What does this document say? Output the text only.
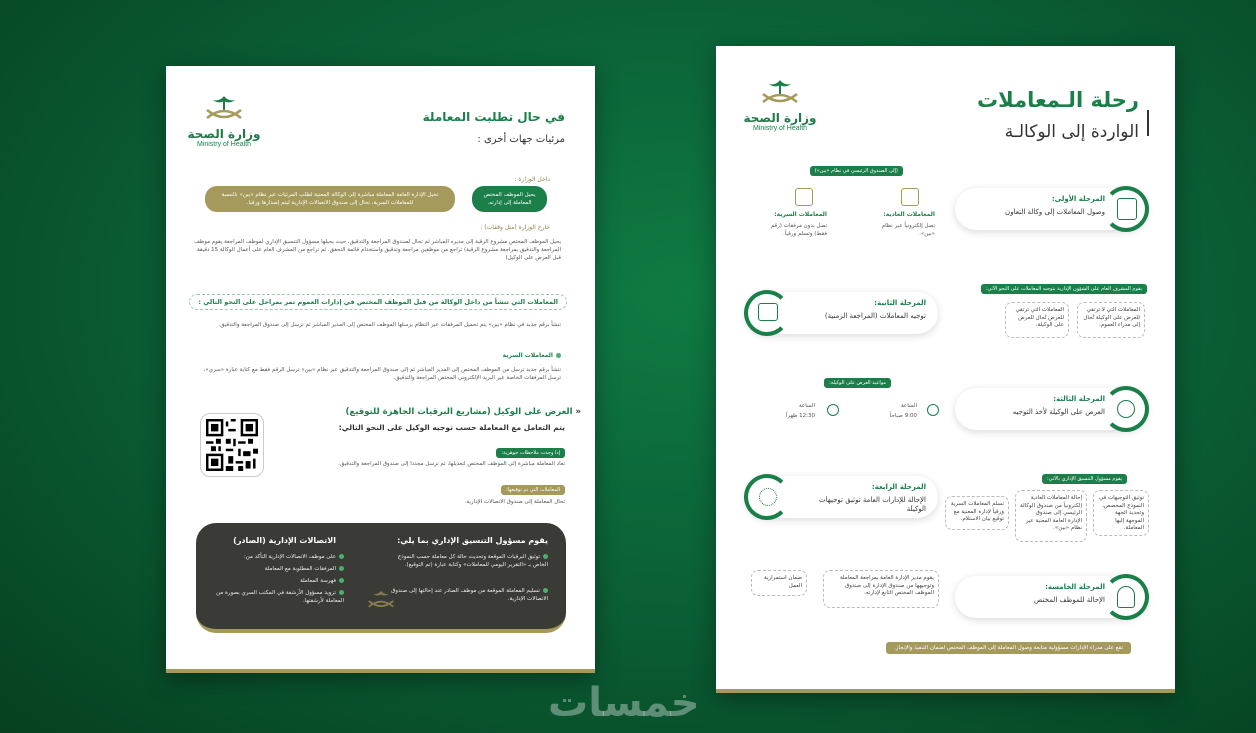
وزارة الصحة
Ministry of Health
في حال تطلبت المعاملة
مرئيات جهات أخرى :
داخل الوزارة :
يحيل الموظف المختص المعاملة إلى إدارته.
تحيل الإدارة العامة المعاملة مباشرة إلى الوكالة المعنية لطلب المرئيات عبر نظام «بين» بالنسبة للمعاملات السرية، تحال إلى صندوق الاتصالات الإدارية ليتم إصدارها ورقيا.
خارج الوزارة (مثل وقفات) :
يحيل الموظف المختص مشروع الرقية إلى مديره المباشر ثم تحال لصندوق المراجعة والتدقيق، حيث يحيلها مسؤول التنسيق الإداري لموظف المراجعة يقوم موظف المراجعة والتدقيق بمراجعة مشروع الرقية) تراجع من موظفين مراجعة وتدقيق واستخدام قائمة التحقق. ثم تراجع من المشرف العام على أعمال الوكالة 15 دقيقة قبل العرض على الوكيل)
المعاملات التي تنشأ من داخل الوكالة من قبل الموظف المختص في إدارات العموم تمر بمراحل على النحو التالي :
تنشأ برقم جديد في نظام «بين» يتم تحميل المرفقات عبر النظام يرسلها الموظف المختص إلى المدير المباشر ثم ترسل إلى صندوق المراجعة والتدقيق.
المعاملات السرية
تنشأ برقم جديد ترسل من الموظف المختص إلى المدير المباشر ثم إلى صندوق المراجعة والتدقيق عبر نظام «بين» ترسل الرقم فقط مع كتابة عبارة «سري»، ترسل المرفقات الخاصة عبر البريد الإلكتروني المختص المراجعة والتدقيق.
« العرض على الوكيل (مشاريع البرقيات الجاهزة للتوقيع)
يتم التعامل مع المعاملة حسب توجيه الوكيل على النحو التالي:
إذا وجدت ملاحظات جوهرية:
تعاد المعاملة مباشرة إلى الموظف المختص لتعديلها، ثم ترسل مجددا إلى صندوق المراجعة والتدقيق.
المعاملات التي تم توقيعها:
تحال المعاملة إلى صندوق الاتصالات الإدارية.
يقوم مسؤول التنسيق الإداري بما يلي:
توثيق البرقيات الموقعة وتحديث حالة كل معاملة حسب النموذج الخاص بـ «التقرير اليومي للمعاملات» وكتابة عبارة (تم التوقيع).
تسليم المعاملة الموقعة من موظف الصادر عند إحالتها إلى صندوق الاتصالات الإدارية.
الاتصالات الإدارية (الصادر)
على موظف الاتصالات الإدارية التأكد من:
المرفقات المطلوبة مع المعاملة
فهرسة المعاملة
تزويد مسؤول الأرشفة في المكتب السري بصورة من المعاملة لأرشفتها.
وزارة الصحة
Ministry of Health
رحلة الـمعاملات
الواردة إلى الوكالـة
(إلى الصندوق الرئيسي في نظام «بين»)
المعاملات العادية:
تصل إلكترونياً عبر نظام «بين».
المعاملات السرية:
تصل بدون مرفقات (رقم فقط) وتسلم ورقياً.
المرحلة الأولى:
وصول المعاملات إلى وكالة التعاون
يقوم المشرف العام على الشؤون الإدارية بتوجيه المعاملات على النحو الآتي:
المعاملات التي لا ترتقي للعرض على الوكيلة تُحال إلى مدراء العموم.
المعاملات التي ترتقي للعرض تُحال للعرض على الوكيلة.
المرحلة الثانية:
توجيه المعاملات (المراجعة الزمنية)
مواعيد العرض على الوكيلة:
الساعة
9:00 صباحاً
الساعة
12:30 ظهراً
المرحلة الثالثة:
العرض على الوكيلة لأخذ التوجيه
يقوم مسؤول التنسيق الإداري بالآتي:
توثيق التوجيهات في النموذج المخصص، وتحديد الجهة الموجهة إليها المعاملة.
إحالة المعاملات العادية إلكترونياً من صندوق الوكالة الرئيسي إلى صندوق الإدارة العامة المعنية عبر نظام «بين».
تسلم المعاملات السرية ورقياً لإدارة المعنية مع توقيع بيان الاستلام.
المرحلة الرابعة:
الإحالة للإدارات العامة توثيق توجيهات الوكيلة
يقوم مدير الإدارة العامة بمراجعة المعاملة وتوجيهها من صندوق الإدارة إلى صندوق الموظف المختص التابع لإدارته.
ضمان استمرارية العمل	المرحلة الخامسة:
الإحالة للموظف المختص
تقع على مدراء الإدارات مسؤولية متابعة وصول المعاملة إلى الموظف المختص لضمان التنفيذ والإنجاز.
خمسات
